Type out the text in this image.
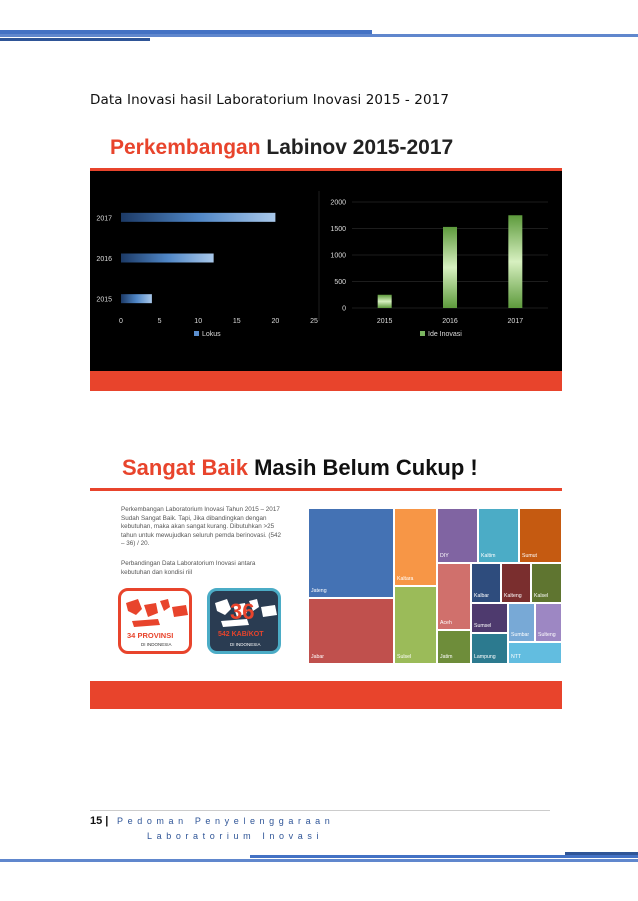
Data Inovasi hasil Laboratorium Inovasi 2015 - 2017
Perkembangan Labinov 2015-2017
0	5	10	15	20	25
2017
2016
2015
Lokus
0
500
1000
1500
2000
2015	2016	2017
Ide Inovasi
Sangat Baik Masih Belum Cukup !
Perkembangan Laboratorium Inovasi Tahun 2015 – 2017
Sudah Sangat Baik. Tapi, Jika dibandingkan dengan
kebutuhan, maka akan sangat kurang. Dibutuhkan >25
tahun untuk mewujudkan seluruh pemda berinovasi. (542
– 36) / 20.
Perbandingan Data Laboratorium Inovasi antara
kebutuhan dan kondisi riil
34 PROVINSI
DI INDONESIA
36
542 KAB/KOT
DI INDONESIA
Jateng
Jabar
Kaltara
Sulsel
DIY	Kaltim	Sumut
Aceh
Kalbar	Kalteng Kalsel
Jatim
Sumsel
Sumbar Sulteng
Lampung	NTT
15 | Pedoman Penyelenggaraan
Laboratorium Inovasi
